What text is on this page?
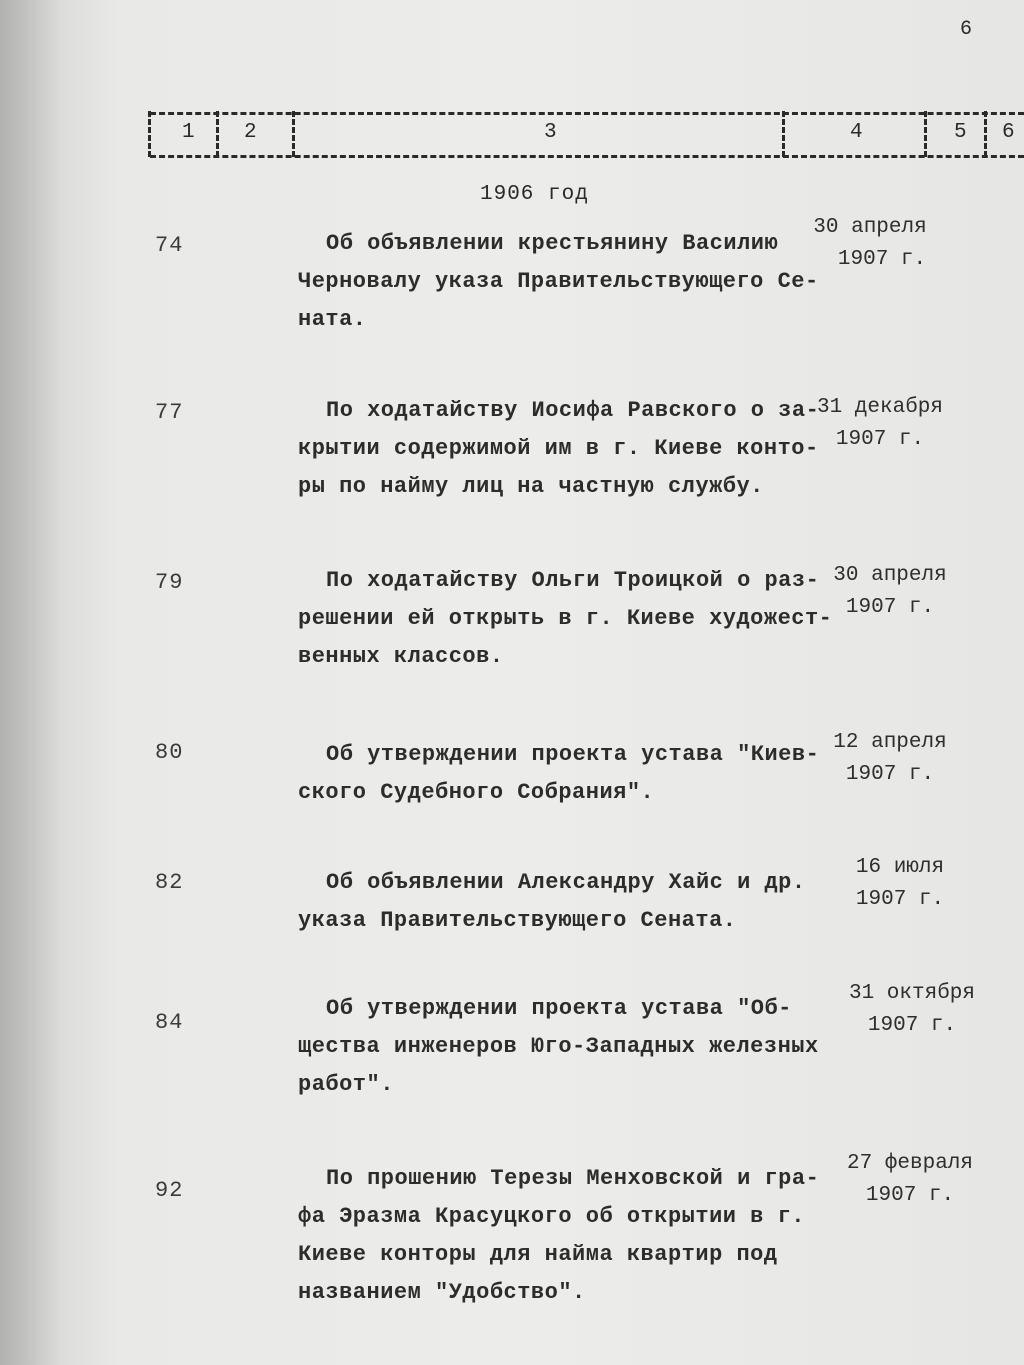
6
1 2	3	4	5 6
1906 год
74	Об объявлении крестьянину Василию
Черновалу указа Правительствующего Се-
ната.
30 апреля
1907 г.
77	По ходатайству Иосифа Равского о за-
крытии содержимой им в г. Киеве конто-
ры по найму лиц на частную службу.
31 декабря
1907 г.
79	По ходатайству Ольги Троицкой о раз-
решении ей открыть в г. Киеве художест-
венных классов.
30 апреля
1907 г.
80	Об утверждении проекта устава "Киев-
ского Судебного Собрания".
12 апреля
1907 г.
82	Об объявлении Александру Хайс и др.
указа Правительствующего Сената.
16 июля
1907 г.
84
Об утверждении проекта устава "Об-
щества инженеров Юго-Западных железных
работ".
31 октября
1907 г.
92	По прошению Терезы Менховской и гра-
фа Эразма Красуцкого об открытии в г.
Киеве конторы для найма квартир под
названием "Удобство".
27 февраля
1907 г.
